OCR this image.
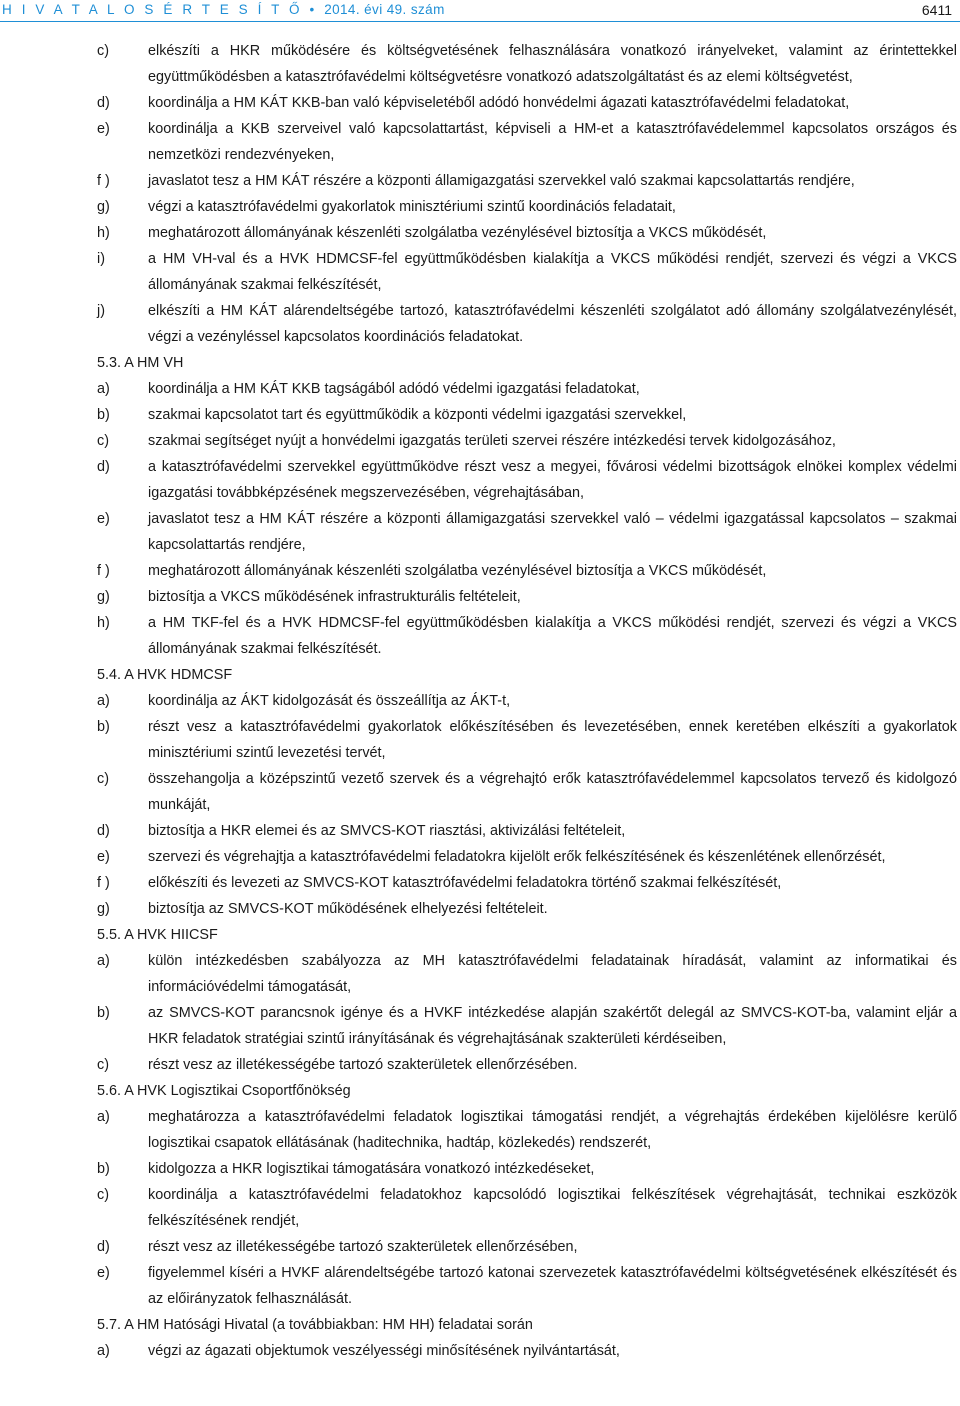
H I V A T A L O S É R T E S Í T Ő • 2014. évi 49. szám	6411
c)	elkészíti a HKR működésére és költségvetésének felhasználására vonatkozó irányelveket, valamint az érintettekkel együttműködésben a katasztrófavédelmi költségvetésre vonatkozó adatszolgáltatást és az elemi költségvetést,
d)	koordinálja a HM KÁT KKB-ban való képviseletéből adódó honvédelmi ágazati katasztrófavédelmi feladatokat,
e)	koordinálja a KKB szerveivel való kapcsolattartást, képviseli a HM-et a katasztrófavédelemmel kapcsolatos országos és nemzetközi rendezvényeken,
f )	javaslatot tesz a HM KÁT részére a központi államigazgatási szervekkel való szakmai kapcsolattartás rendjére,
g)	végzi a katasztrófavédelmi gyakorlatok minisztériumi szintű koordinációs feladatait,
h)	meghatározott állományának készenléti szolgálatba vezénylésével biztosítja a VKCS működését,
i)	a HM VH-val és a HVK HDMCSF-fel együttműködésben kialakítja a VKCS működési rendjét, szervezi és végzi a VKCS állományának szakmai felkészítését,
j)	elkészíti a HM KÁT alárendeltségébe tartozó, katasztrófavédelmi készenléti szolgálatot adó állomány szolgálatvezénylését, végzi a vezényléssel kapcsolatos koordinációs feladatokat.
5.3. A HM VH
a)	koordinálja a HM KÁT KKB tagságából adódó védelmi igazgatási feladatokat,
b)	szakmai kapcsolatot tart és együttműködik a központi védelmi igazgatási szervekkel,
c)	szakmai segítséget nyújt a honvédelmi igazgatás területi szervei részére intézkedési tervek kidolgozásához,
d)	a katasztrófavédelmi szervekkel együttműködve részt vesz a megyei, fővárosi védelmi bizottságok elnökei komplex védelmi igazgatási továbbképzésének megszervezésében, végrehajtásában,
e)	javaslatot tesz a HM KÁT részére a központi államigazgatási szervekkel való – védelmi igazgatással kapcsolatos – szakmai kapcsolattartás rendjére,
f )	meghatározott állományának készenléti szolgálatba vezénylésével biztosítja a VKCS működését,
g)	biztosítja a VKCS működésének infrastrukturális feltételeit,
h)	a HM TKF-fel és a HVK HDMCSF-fel együttműködésben kialakítja a VKCS működési rendjét, szervezi és végzi a VKCS állományának szakmai felkészítését.
5.4. A HVK HDMCSF
a)	koordinálja az ÁKT kidolgozását és összeállítja az ÁKT-t,
b)	részt vesz a katasztrófavédelmi gyakorlatok előkészítésében és levezetésében, ennek keretében elkészíti a gyakorlatok minisztériumi szintű levezetési tervét,
c)	összehangolja a középszintű vezető szervek és a végrehajtó erők katasztrófavédelemmel kapcsolatos tervező és kidolgozó munkáját,
d)	biztosítja a HKR elemei és az SMVCS-KOT riasztási, aktivizálási feltételeit,
e)	szervezi és végrehajtja a katasztrófavédelmi feladatokra kijelölt erők felkészítésének és készenlétének ellenőrzését,
f )	előkészíti és levezeti az SMVCS-KOT katasztrófavédelmi feladatokra történő szakmai felkészítését,
g)	biztosítja az SMVCS-KOT működésének elhelyezési feltételeit.
5.5. A HVK HIICSF
a)	külön intézkedésben szabályozza az MH katasztrófavédelmi feladatainak híradását, valamint az informatikai és információvédelmi támogatását,
b)	az SMVCS-KOT parancsnok igénye és a HVKF intézkedése alapján szakértőt delegál az SMVCS-KOT-ba, valamint eljár a HKR feladatok stratégiai szintű irányításának és végrehajtásának szakterületi kérdéseiben,
c)	részt vesz az illetékességébe tartozó szakterületek ellenőrzésében.
5.6. A HVK Logisztikai Csoportfőnökség
a)	meghatározza a katasztrófavédelmi feladatok logisztikai támogatási rendjét, a végrehajtás érdekében kijelölésre kerülő logisztikai csapatok ellátásának (haditechnika, hadtáp, közlekedés) rendszerét,
b)	kidolgozza a HKR logisztikai támogatására vonatkozó intézkedéseket,
c)	koordinálja a katasztrófavédelmi feladatokhoz kapcsolódó logisztikai felkészítések végrehajtását, technikai eszközök felkészítésének rendjét,
d)	részt vesz az illetékességébe tartozó szakterületek ellenőrzésében,
e)	figyelemmel kíséri a HVKF alárendeltségébe tartozó katonai szervezetek katasztrófavédelmi költségvetésének elkészítését és az előirányzatok felhasználását.
5.7. A HM Hatósági Hivatal (a továbbiakban: HM HH) feladatai során
a)	végzi az ágazati objektumok veszélyességi minősítésének nyilvántartását,
